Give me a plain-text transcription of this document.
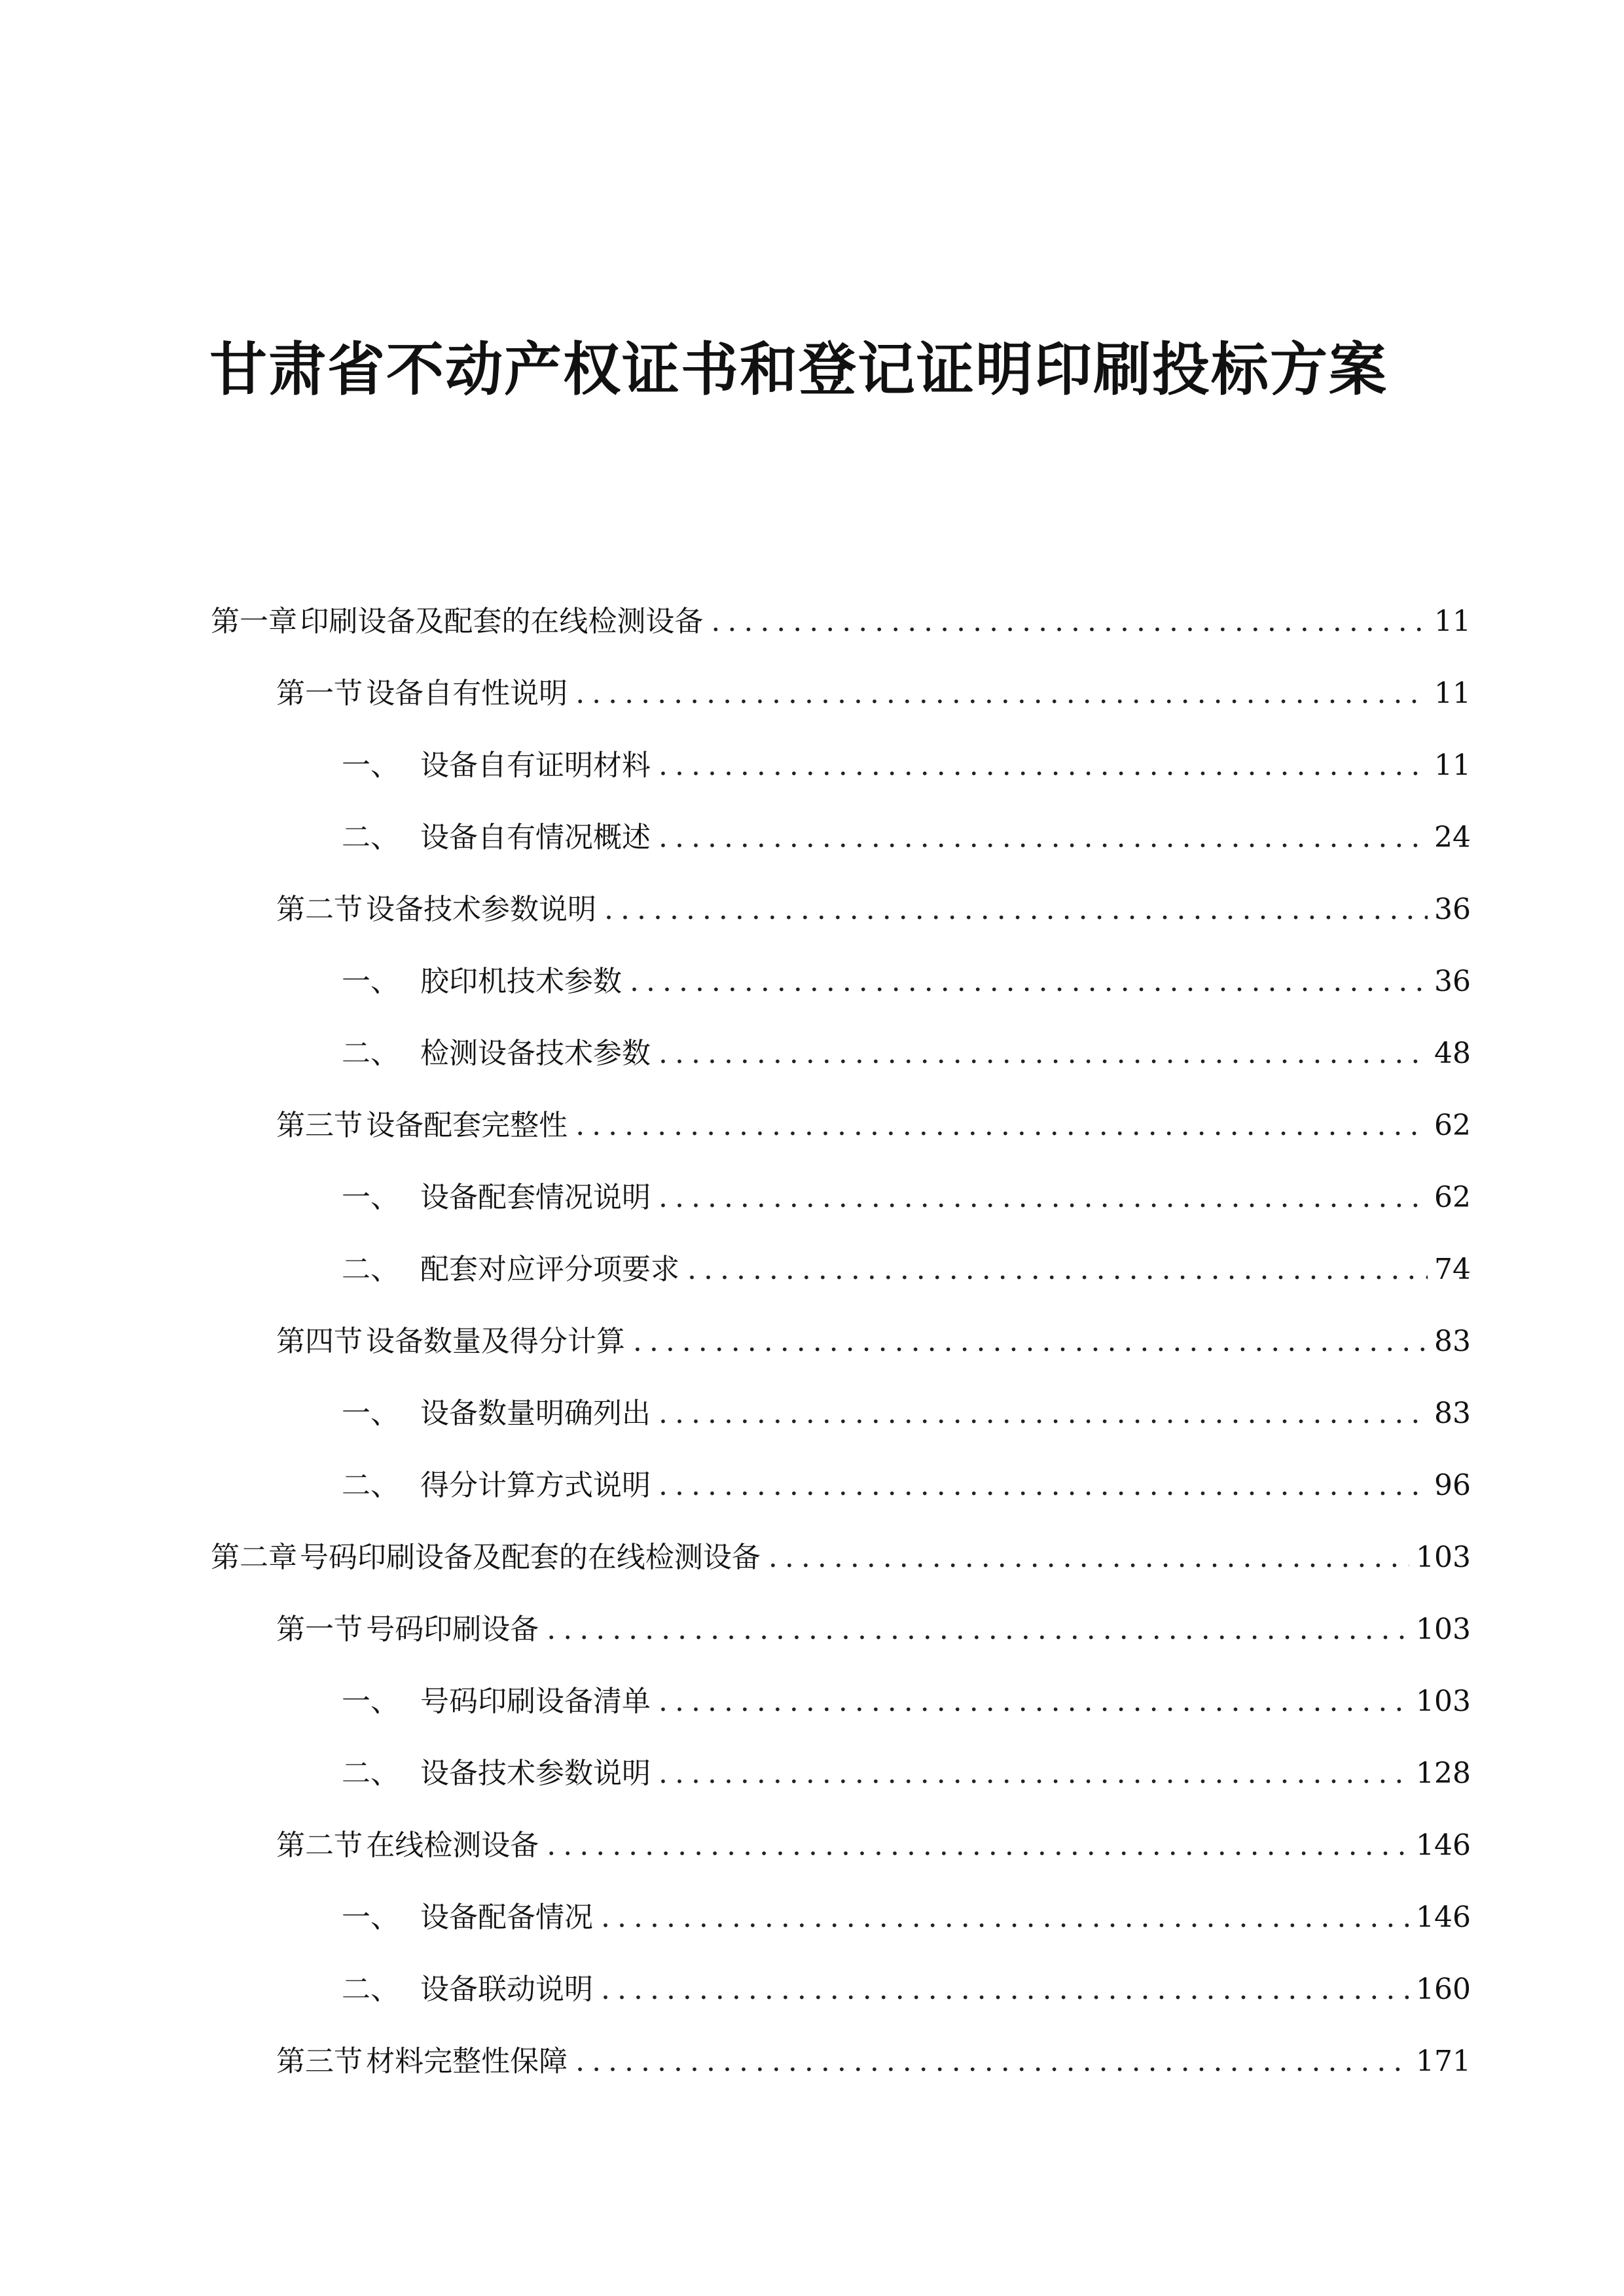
甘肃省不动产权证书和登记证明印刷投标方案
第一章 印刷设备及配套的在线检测设备 .....	11
第一节 设备自有性说明 .....	11
一、 设备自有证明材料 .....	11
二、 设备自有情况概述 .....	24
第二节 设备技术参数说明 .....	36
一、 胶印机技术参数 .....	36
二、 检测设备技术参数 .....	48
第三节 设备配套完整性 .....	62
一、 设备配套情况说明 .....	62
二、 配套对应评分项要求 .....	74
第四节 设备数量及得分计算 .....	83
一、 设备数量明确列出 .....	83
二、 得分计算方式说明 .....	96
第二章 号码印刷设备及配套的在线检测设备 .....	103
第一节 号码印刷设备 .....	103
一、 号码印刷设备清单 .....	103
二、 设备技术参数说明 .....	128
第二节 在线检测设备 .....	146
一、 设备配备情况 .....	146
二、 设备联动说明 .....	160
第三节 材料完整性保障 .....	171
